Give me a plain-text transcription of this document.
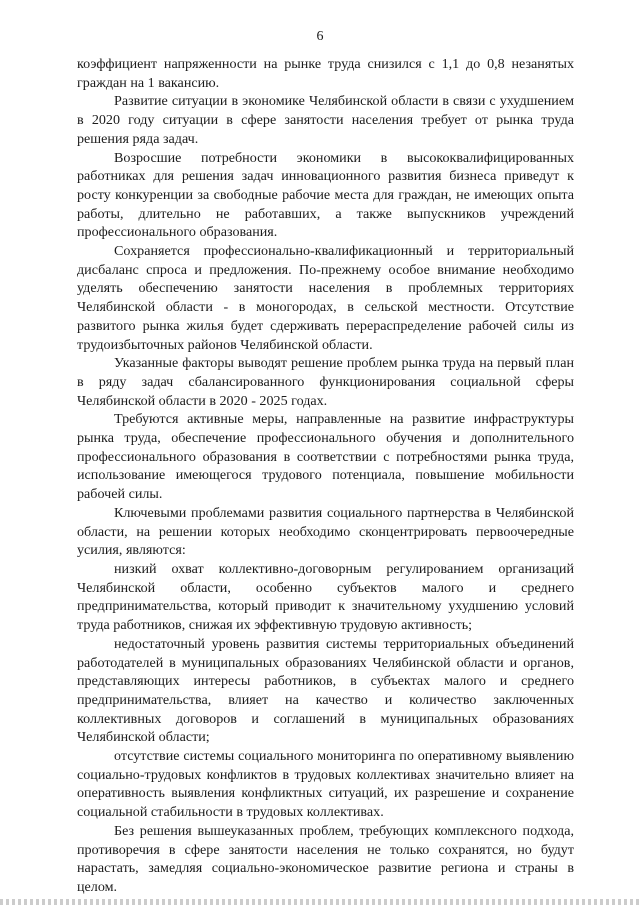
6

коэффициент напряженности на рынке труда снизился с 1,1 до 0,8 незанятых граждан на 1 вакансию.

Развитие ситуации в экономике Челябинской области в связи с ухудшением в 2020 году ситуации в сфере занятости населения требует от рынка труда решения ряда задач.

Возросшие потребности экономики в высококвалифицированных работниках для решения задач инновационного развития бизнеса приведут к росту конкуренции за свободные рабочие места для граждан, не имеющих опыта работы, длительно не работавших, а также выпускников учреждений профессионального образования.

Сохраняется профессионально-квалификационный и территориальный дисбаланс спроса и предложения. По-прежнему особое внимание необходимо уделять обеспечению занятости населения в проблемных территориях Челябинской области - в моногородах, в сельской местности. Отсутствие развитого рынка жилья будет сдерживать перераспределение рабочей силы из трудоизбыточных районов Челябинской области.

Указанные факторы выводят решение проблем рынка труда на первый план в ряду задач сбалансированного функционирования социальной сферы Челябинской области в 2020 - 2025 годах.

Требуются активные меры, направленные на развитие инфраструктуры рынка труда, обеспечение профессионального обучения и дополнительного профессионального образования в соответствии с потребностями рынка труда, использование имеющегося трудового потенциала, повышение мобильности рабочей силы.

Ключевыми проблемами развития социального партнерства в Челябинской области, на решении которых необходимо сконцентрировать первоочередные усилия, являются:

низкий охват коллективно-договорным регулированием организаций Челябинской области, особенно субъектов малого и среднего предпринимательства, который приводит к значительному ухудшению условий труда работников, снижая их эффективную трудовую активность;

недостаточный уровень развития системы территориальных объединений работодателей в муниципальных образованиях Челябинской области и органов, представляющих интересы работников, в субъектах малого и среднего предпринимательства, влияет на качество и количество заключенных коллективных договоров и соглашений в муниципальных образованиях Челябинской области;

отсутствие системы социального мониторинга по оперативному выявлению социально-трудовых конфликтов в трудовых коллективах значительно влияет на оперативность выявления конфликтных ситуаций, их разрешение и сохранение социальной стабильности в трудовых коллективах.

Без решения вышеуказанных проблем, требующих комплексного подхода, противоречия в сфере занятости населения не только сохранятся, но будут нарастать, замедляя социально-экономическое развитие региона и страны в целом.
